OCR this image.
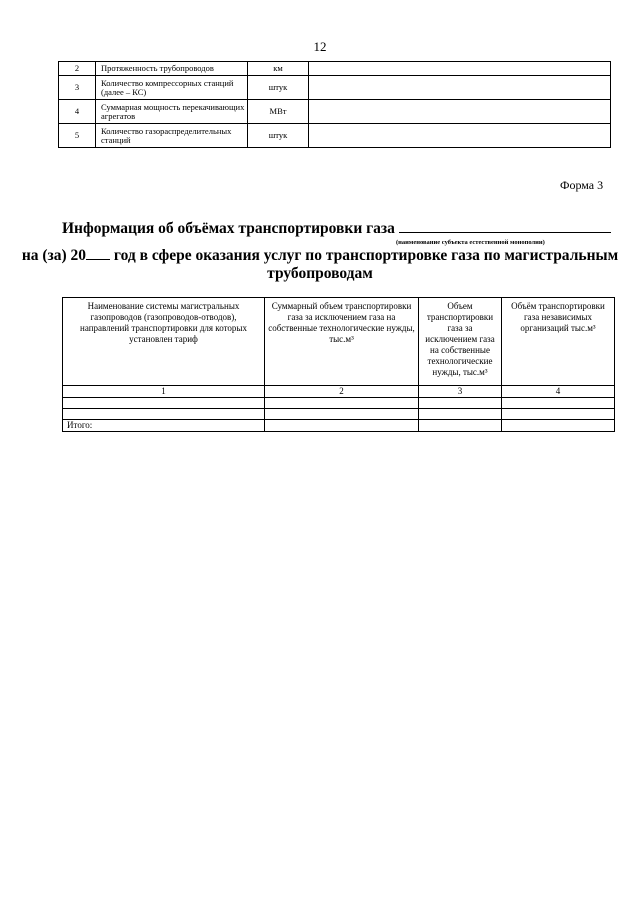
12
2	Протяженность трубопроводов	км	
3	Количество компрессорных станций (далее – КС)	штук	
4	Суммарная мощность перекачивающих агрегатов	МВт	
5	Количество газораспределительных станций	штук	
Форма 3
Информация об объёмах транспортировки газа
(наименование субъекта естественной монополии)
на (за) 20 год в сфере оказания услуг по транспортировке газа по магистральным трубопроводам
Наименование системы магистральных газопроводов (газопроводов-отводов), направлений транспортировки для которых установлен тариф	Суммарный объем транспортировки газа за исключением газа на собственные технологические нужды, тыс.м³	Объем транспортировки газа за исключением газа на собственные технологические нужды, тыс.м³	Объём транспортировки газа независимых организаций тыс.м³
1	2	3	4

Итого:			
